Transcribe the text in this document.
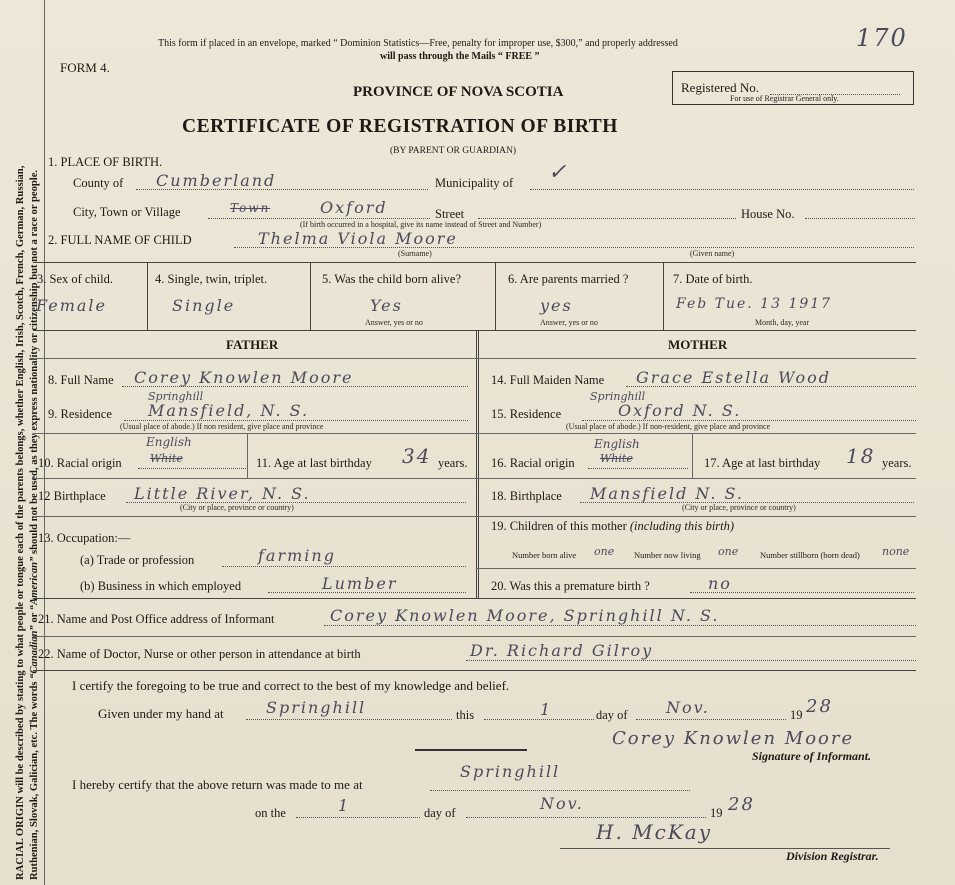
RACIAL ORIGIN will be described by stating to what people or tongue each of the parents belongs, whether English, Irish, Scotch, French, German, Russian, Ruthenian, Slovak, Galician, etc. The words “Canadian” or “American” should not be used, as they express nationality or citizenship but not a race or people.
This form if placed in an envelope, marked “ Dominion Statistics—Free, penalty for improper use, $300,” and properly addressed
will pass through the Mails “ FREE ”
170
FORM 4.
PROVINCE OF NOVA SCOTIA	Registered No.
For use of Registrar General only.
CERTIFICATE OF REGISTRATION OF BIRTH
(BY PARENT OR GUARDIAN)
1. PLACE OF BIRTH.
County of Cumberland	Municipality of ✓
City, Town or Village	Town	Oxford	Street	House No.
(If birth occurred in a hospital, give its name instead of Street and Number)
2. FULL NAME OF CHILD	Thelma Viola Moore
(Surname)	(Given name)
3. Sex of child.
Female
4. Single, twin, triplet.
Single
5. Was the child born alive?
Yes
Answer, yes or no
6. Are parents married ?
yes
Answer, yes or no
7. Date of birth.
Feb Tue. 13 1917
Month, day, year
FATHER	MOTHER
8. Full Name Corey Knowlen Moore
Springhill
9. Residence Mansfield, N. S.
(Usual place of abode.) If non resident, give place and province
English
10. Racial origin	White	11. Age at last birthday 34 years.
12 Birthplace Little River, N. S.
(City or place, province or country)
13. Occupation:—
(a) Trade or profession	farming
(b) Business in which employed	Lumber
14. Full Maiden Name Grace Estella Wood
Springhill
15. Residence	Oxford N. S.
(Usual place of abode.) If non-resident, give place and province
English
16. Racial origin White	17. Age at last birthday 18 years.
18. Birthplace Mansfield N. S.
(City or place, province or country)
19. Children of this mother (including this birth)
Number born alive one Number now living one	Number stillborn (born dead) none
20. Was this a premature birth ?	no
21. Name and Post Office address of Informant	Corey Knowlen Moore, Springhill N. S.
22. Name of Doctor, Nurse or other person in attendance at birth	Dr. Richard Gilroy
I certify the foregoing to be true and correct to the best of my knowledge and belief.
Given under my hand at	Springhill	this	1	day of Nov.	19 28
Corey Knowlen Moore
Signature of Informant.
I hereby certify that the above return was made to me at
Springhill
on the	1	day of	Nov.	19 28
H. McKay
Division Registrar.
